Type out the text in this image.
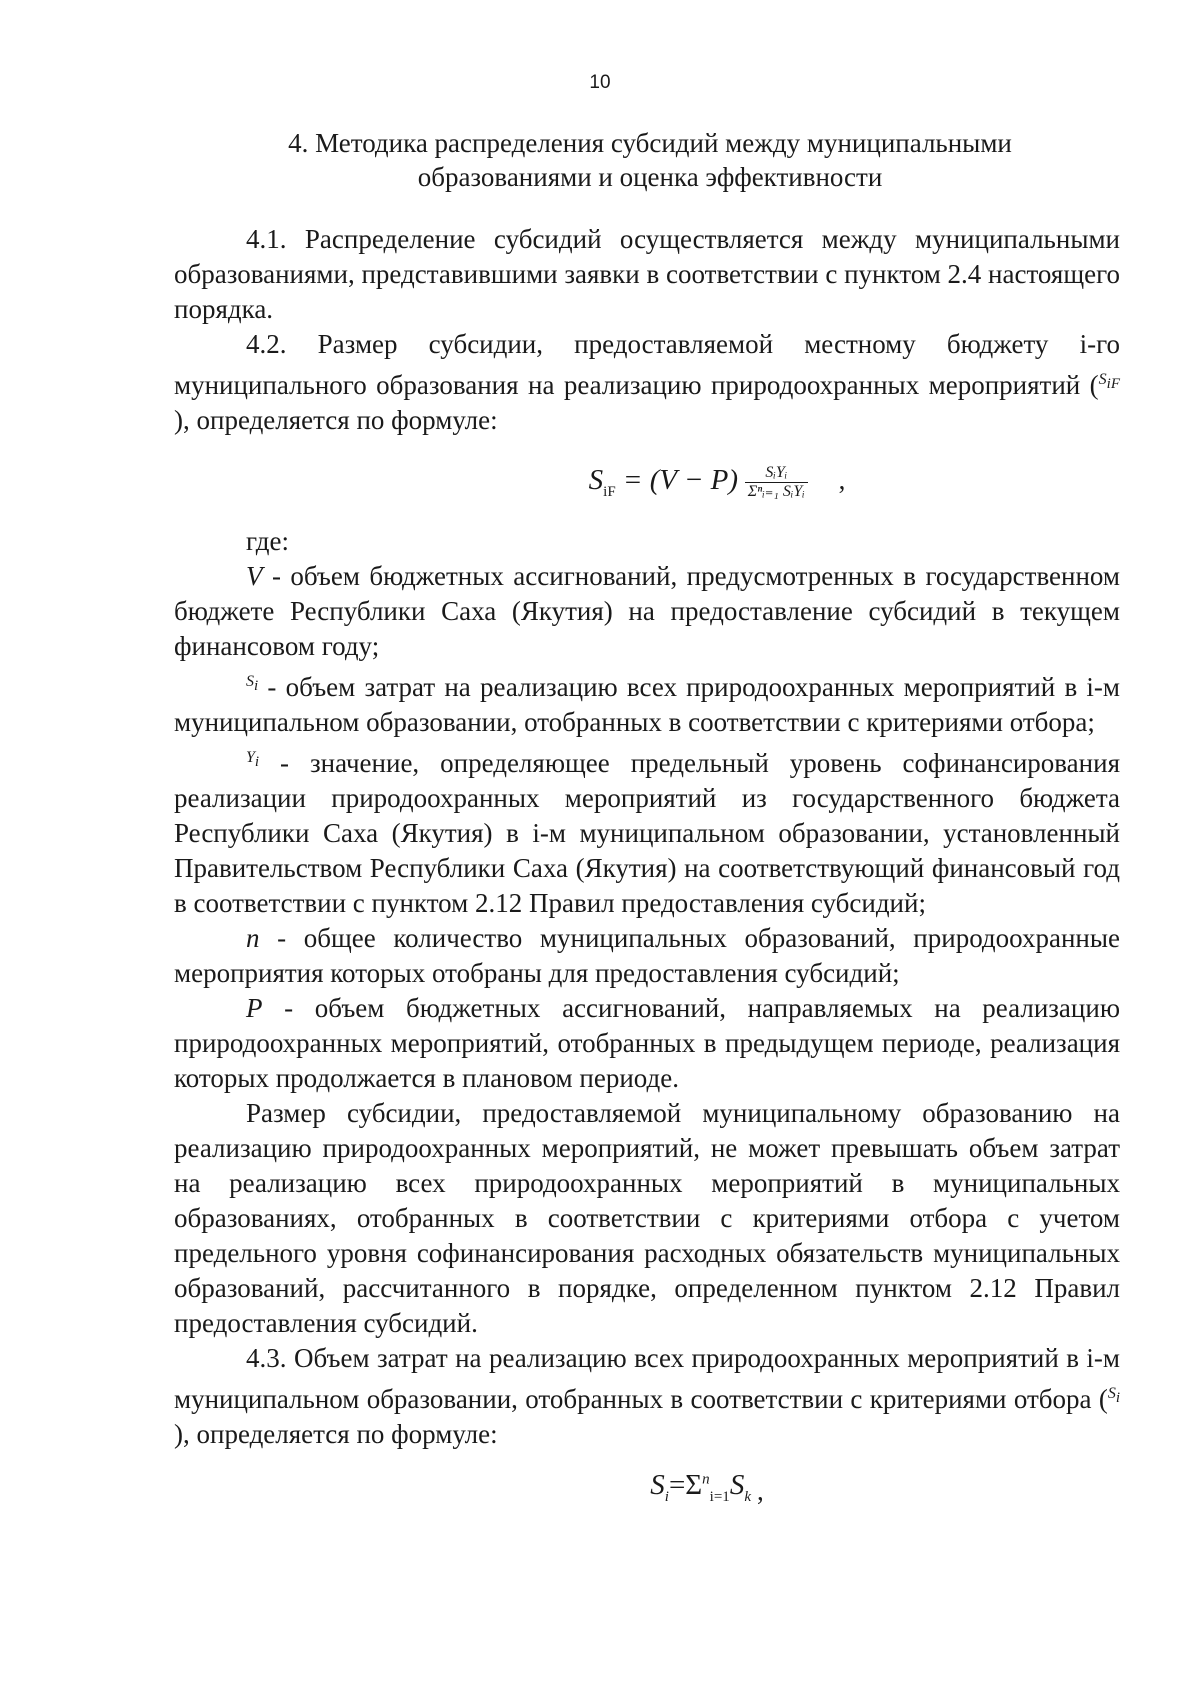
10
4. Методика распределения субсидий между муниципальными
образованиями и оценка эффективности

4.1. Распределение субсидий осуществляется между муниципальными образованиями, представившими заявки в соответствии с пунктом 2.4 настоящего порядка.

4.2. Размер субсидии, предоставляемой местному бюджету i-го муниципального образования на реализацию природоохранных мероприятий ($^{S_{iF}}$ ), определяется по формуле:

$S_{iF} = (V - P) \frac{\text{SᵢYᵢ}}{\text{Σⁿᵢ₌₁ SᵢYᵢ}}$ ,

где:

V - объем бюджетных ассигнований, предусмотренных в государственном бюджете Республики Саха (Якутия) на предоставление субсидий в текущем финансовом году;

$^{S_i}$ - объем затрат на реализацию всех природоохранных мероприятий в i-м муниципальном образовании, отобранных в соответствии с критериями отбора;

$^{Y_i}$ - значение, определяющее предельный уровень софинансирования реализации природоохранных мероприятий из государственного бюджета Республики Саха (Якутия) в i-м муниципальном образовании, установленный Правительством Республики Саха (Якутия) на соответствующий финансовый год в соответствии с пунктом 2.12 Правил предоставления субсидий;

n - общее количество муниципальных образований, природоохранные мероприятия которых отобраны для предоставления субсидий;

P - объем бюджетных ассигнований, направляемых на реализацию природоохранных мероприятий, отобранных в предыдущем периоде, реализация которых продолжается в плановом периоде.

Размер субсидии, предоставляемой муниципальному образованию на реализацию природоохранных мероприятий, не может превышать объем затрат на реализацию всех природоохранных мероприятий в муниципальных образованиях, отобранных в соответствии с критериями отбора с учетом предельного уровня софинансирования расходных обязательств муниципальных образований, рассчитанного в порядке, определенном пунктом 2.12 Правил предоставления субсидий.

4.3. Объем затрат на реализацию всех природоохранных мероприятий в i-м муниципальном образовании, отобранных в соответствии с критериями отбора ($^{S_i}$ ), определяется по формуле:

$S_i=\Sigma^n_{i=1}S_k$ ,
